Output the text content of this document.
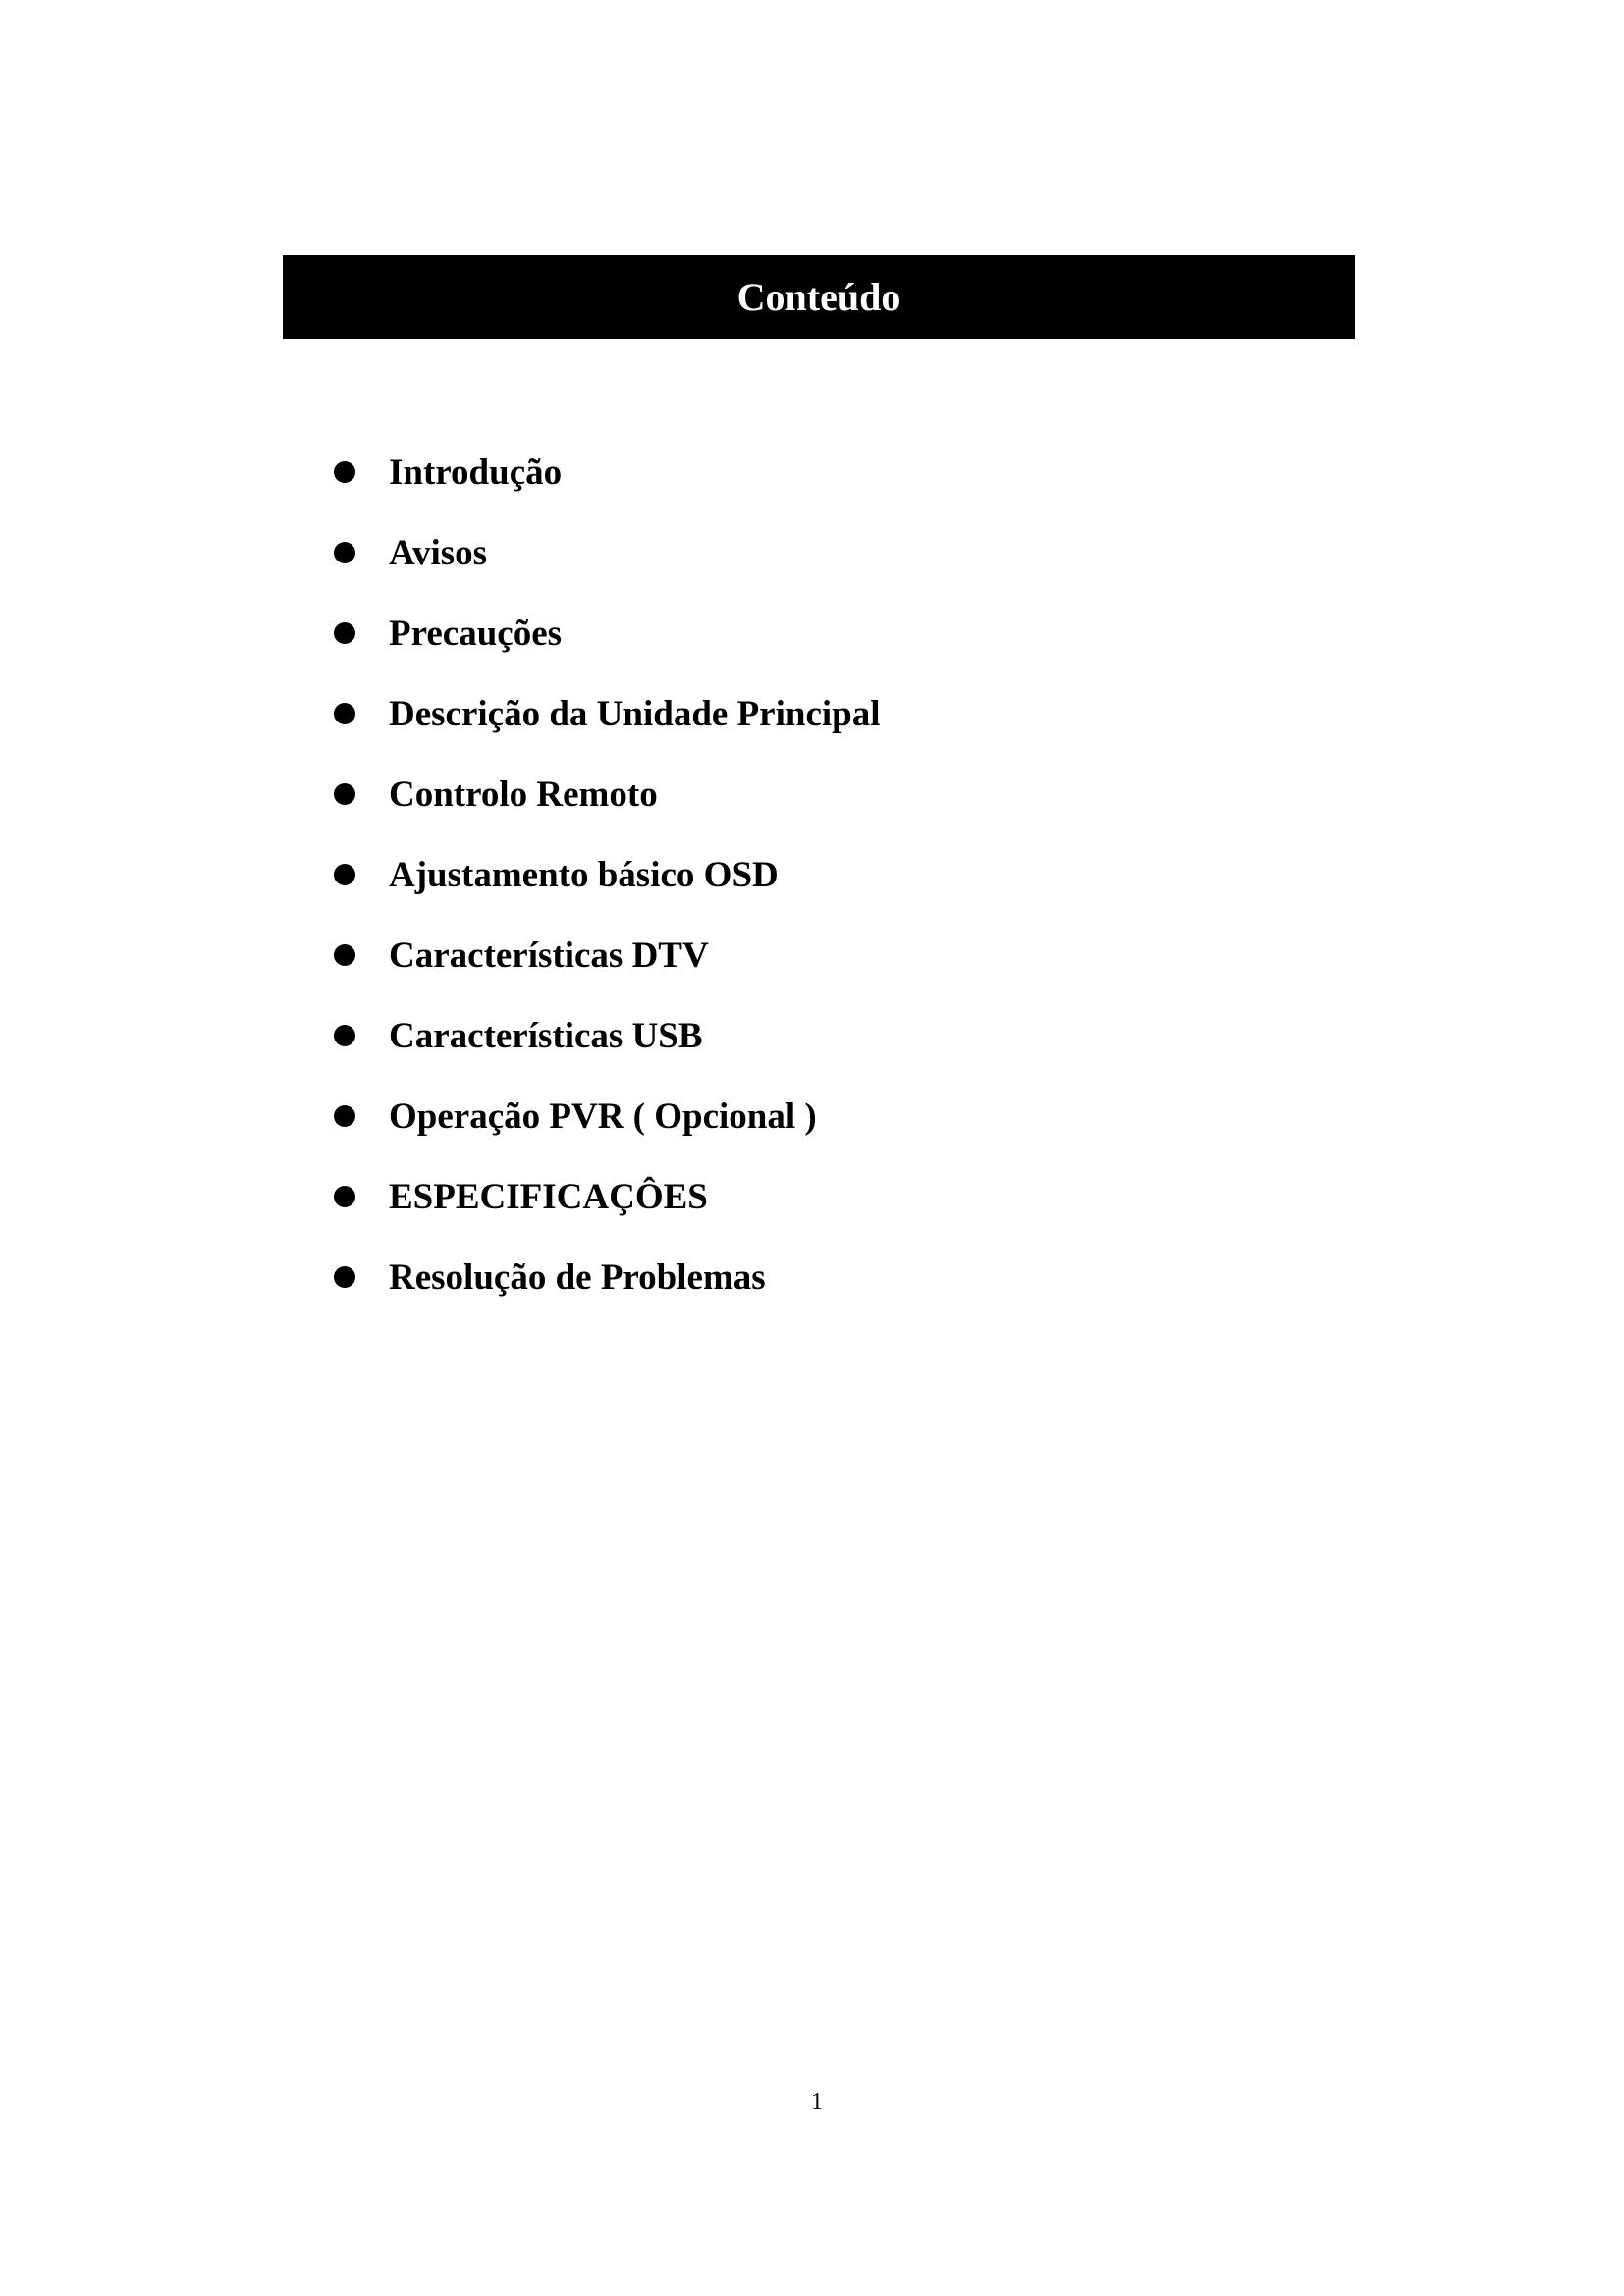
Conteúdo
Introdução
Avisos
Precauções
Descrição da Unidade Principal
Controlo Remoto
Ajustamento básico OSD
Características DTV
Características USB
Operação PVR ( Opcional )
ESPECIFICAÇÔES
Resolução de Problemas
1
